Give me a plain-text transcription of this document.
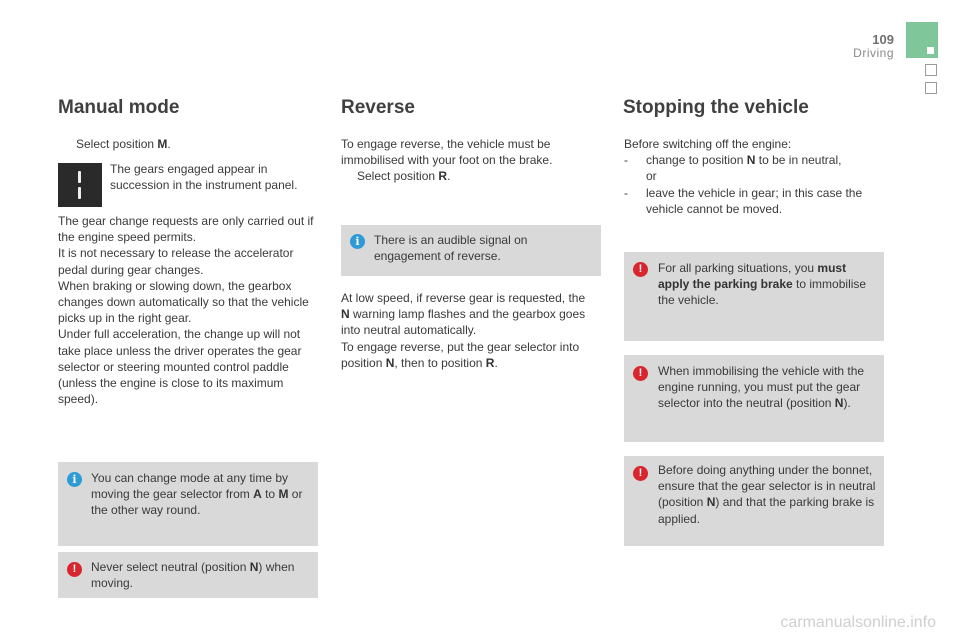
109
Driving
Manual mode
Select position M.
The gears engaged appear in succession in the instrument panel.

The gear change requests are only carried out if the engine speed permits.

It is not necessary to release the accelerator pedal during gear changes.

When braking or slowing down, the gearbox changes down automatically so that the vehicle picks up in the right gear.

Under full acceleration, the change up will not take place unless the driver operates the gear selector or steering mounted control paddle (unless the engine is close to its maximum speed).

i	You can change mode at any time by moving the gear selector from A to M or the other way round.
!	Never select neutral (position N) when moving.
Reverse

To engage reverse, the vehicle must be immobilised with your foot on the brake.

Select position R.

i	There is an audible signal on engagement of reverse.

At low speed, if reverse gear is requested, the N warning lamp flashes and the gearbox goes into neutral automatically.

To engage reverse, put the gear selector into position N, then to position R.

Stopping the vehicle

Before switching off the engine:

- change to position N to be in neutral,

or

-	leave the vehicle in gear; in this case the vehicle cannot be moved.

!	For all parking situations, you must apply the parking brake to immobilise the vehicle.
!	When immobilising the vehicle with the engine running, you must put the gear selector into the neutral (position N).
!	Before doing anything under the bonnet, ensure that the gear selector is in neutral (position N) and that the parking brake is applied.
carmanualsonline.info
